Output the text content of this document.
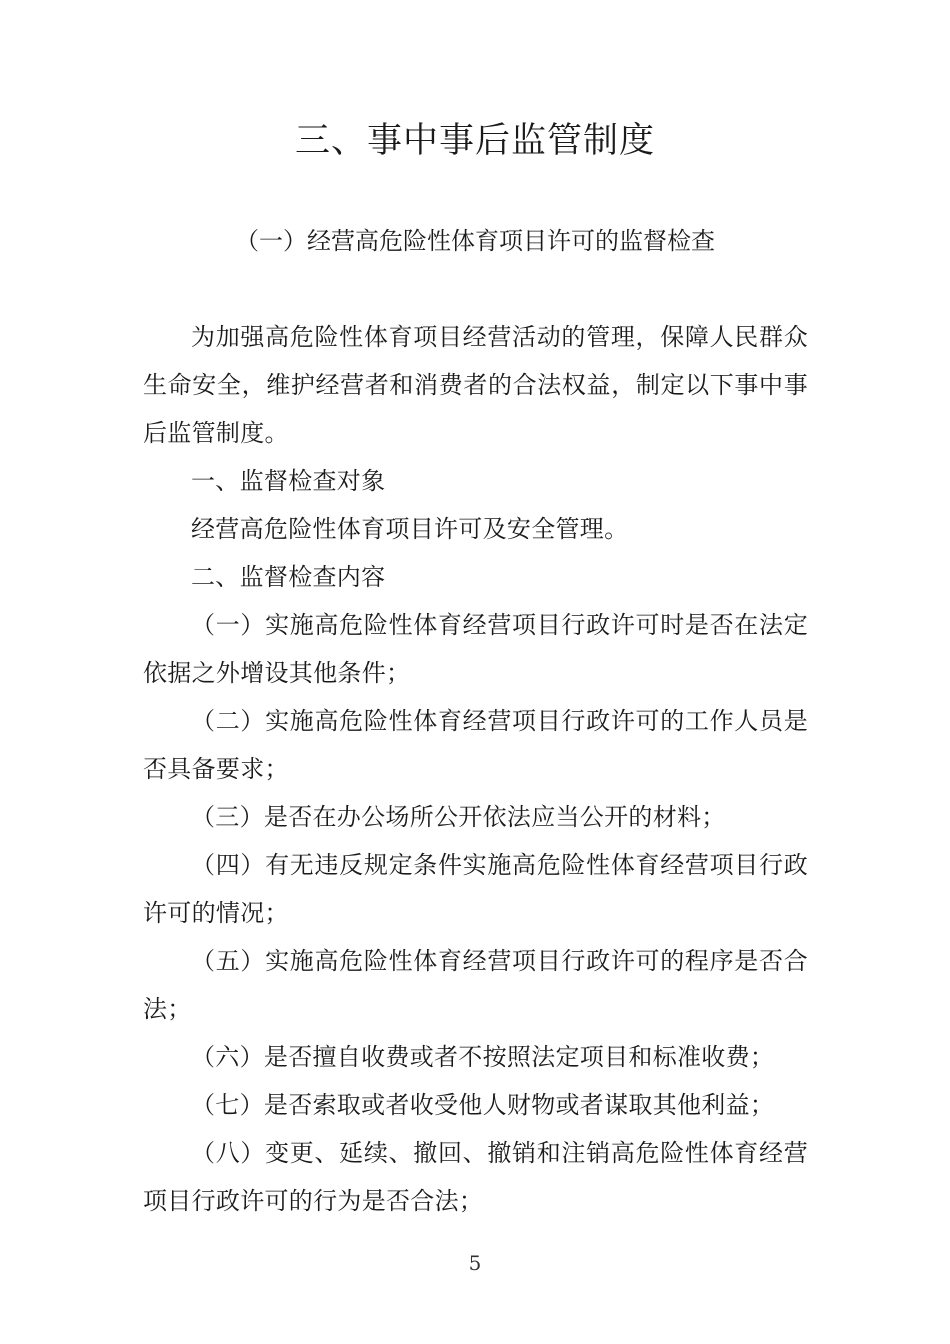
三、事中事后监管制度
（一）经营高危险性体育项目许可的监督检查

为加强高危险性体育项目经营活动的管理，保障人民群众生命安全，维护经营者和消费者的合法权益，制定以下事中事后监管制度。

一、监督检查对象

经营高危险性体育项目许可及安全管理。

二、监督检查内容

（一）实施高危险性体育经营项目行政许可时是否在法定依据之外增设其他条件；

（二）实施高危险性体育经营项目行政许可的工作人员是否具备要求；

（三）是否在办公场所公开依法应当公开的材料；

（四）有无违反规定条件实施高危险性体育经营项目行政许可的情况；

（五）实施高危险性体育经营项目行政许可的程序是否合法；

（六）是否擅自收费或者不按照法定项目和标准收费；

（七）是否索取或者收受他人财物或者谋取其他利益；

（八）变更、延续、撤回、撤销和注销高危险性体育经营项目行政许可的行为是否合法；

5
